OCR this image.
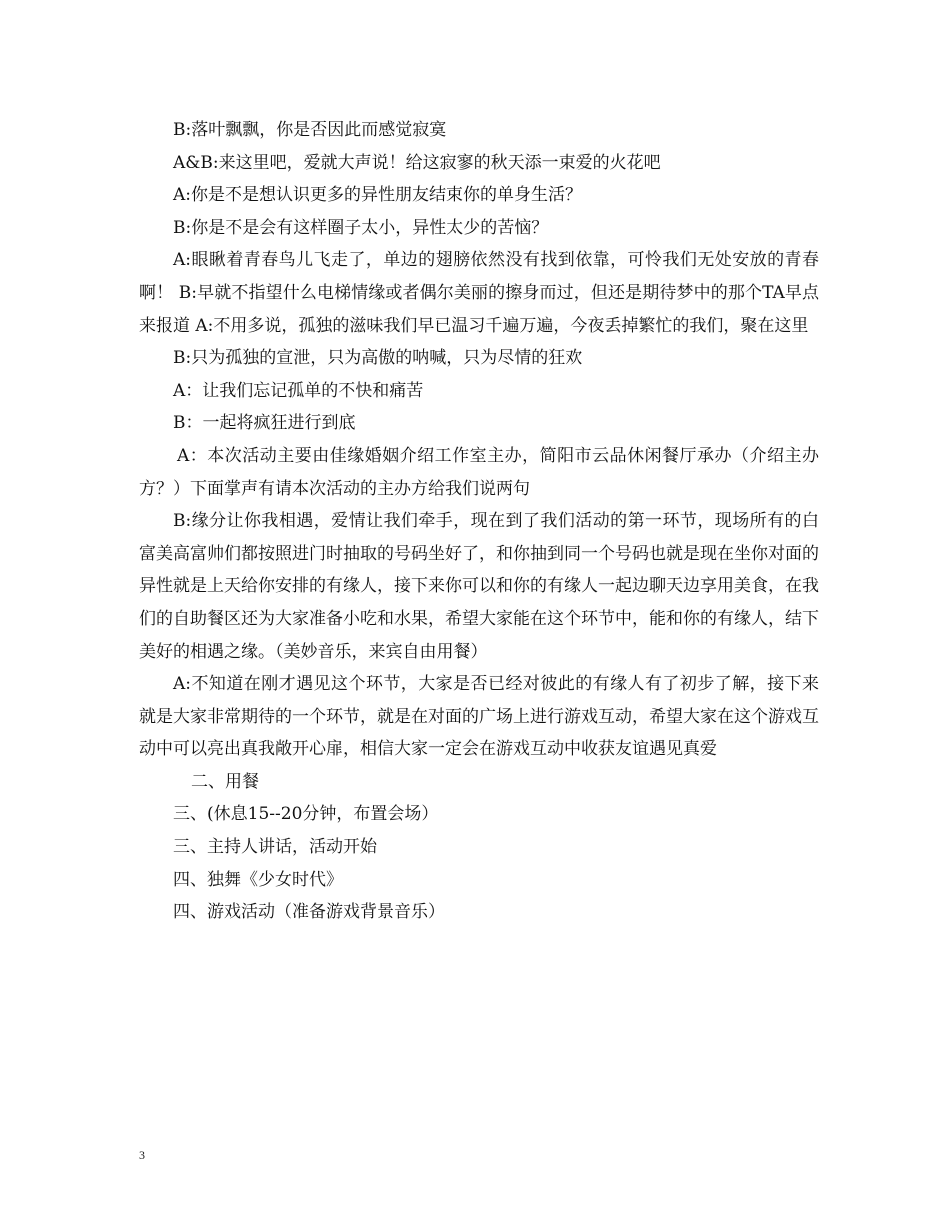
B:落叶飘飘，你是否因此而感觉寂寞

A&B:来这里吧，爱就大声说！给这寂寥的秋天添一束爱的火花吧

A:你是不是想认识更多的异性朋友结束你的单身生活？

B:你是不是会有这样圈子太小，异性太少的苦恼？

A:眼瞅着青春鸟儿飞走了，单边的翅膀依然没有找到依靠，可怜我们无处安放的青春啊！ B:早就不指望什么电梯情缘或者偶尔美丽的擦身而过，但还是期待梦中的那个TA早点来报道 A:不用多说，孤独的滋味我们早已温习千遍万遍，今夜丢掉繁忙的我们，聚在这里

B:只为孤独的宣泄，只为高傲的呐喊，只为尽情的狂欢

A：让我们忘记孤单的不快和痛苦

B：一起将疯狂进行到底

A：本次活动主要由佳缘婚姻介绍工作室主办，简阳市云品休闲餐厅承办（介绍主办方？）下面掌声有请本次活动的主办方给我们说两句

B:缘分让你我相遇，爱情让我们牵手，现在到了我们活动的第一环节，现场所有的白富美高富帅们都按照进门时抽取的号码坐好了，和你抽到同一个号码也就是现在坐你对面的异性就是上天给你安排的有缘人，接下来你可以和你的有缘人一起边聊天边享用美食，在我们的自助餐区还为大家准备小吃和水果，希望大家能在这个环节中，能和你的有缘人，结下美好的相遇之缘。（美妙音乐，来宾自由用餐）

A:不知道在刚才遇见这个环节，大家是否已经对彼此的有缘人有了初步了解，接下来就是大家非常期待的一个环节，就是在对面的广场上进行游戏互动，希望大家在这个游戏互动中可以亮出真我敞开心扉，相信大家一定会在游戏互动中收获友谊遇见真爱

二、用餐

三、(休息15--20分钟，布置会场）

三、主持人讲话，活动开始

四、独舞《少女时代》

四、游戏活动（准备游戏背景音乐）

3
